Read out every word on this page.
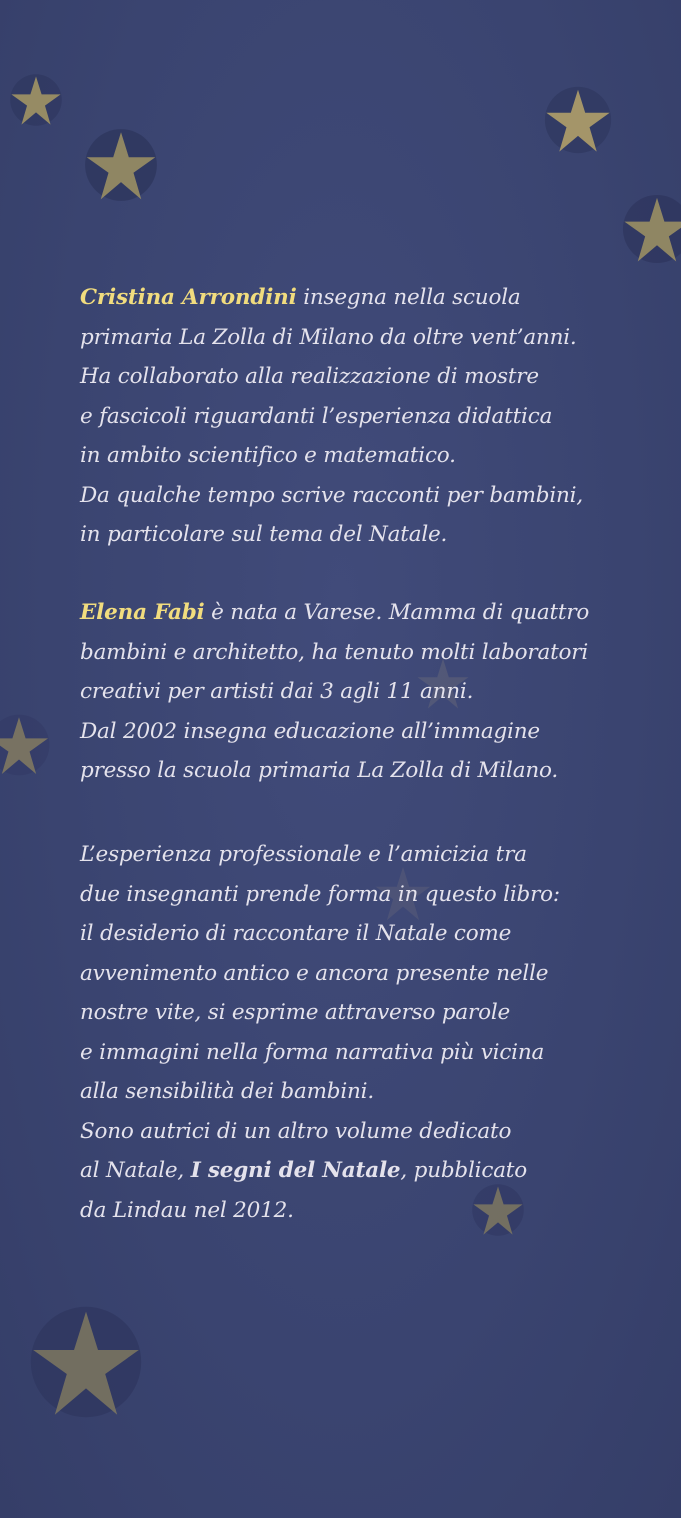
Cristina Arrondini insegna nella scuola
primaria La Zolla di Milano da oltre vent’anni.
Ha collaborato alla realizzazione di mostre
e fascicoli riguardanti l’esperienza didattica
in ambito scientifico e matematico.
Da qualche tempo scrive racconti per bambini,
in particolare sul tema del Natale.
Elena Fabi è nata a Varese. Mamma di quattro
bambini e architetto, ha tenuto molti laboratori
creativi per artisti dai 3 agli 11 anni.
Dal 2002 insegna educazione all’immagine
presso la scuola primaria La Zolla di Milano.
L’esperienza professionale e l’amicizia tra
due insegnanti prende forma in questo libro:
il desiderio di raccontare il Natale come
avvenimento antico e ancora presente nelle
nostre vite, si esprime attraverso parole
e immagini nella forma narrativa più vicina
alla sensibilità dei bambini.
Sono autrici di un altro volume dedicato
al Natale, I segni del Natale, pubblicato
da Lindau nel 2012.
